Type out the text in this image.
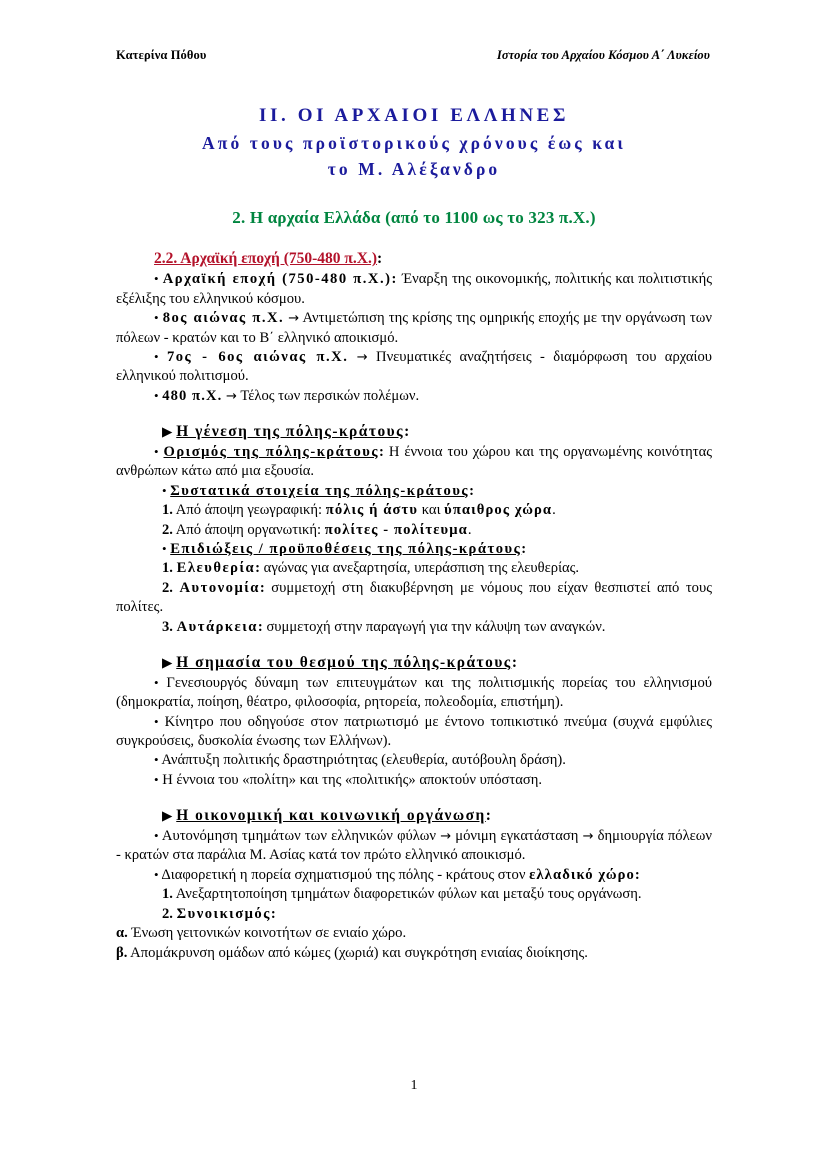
Κατερίνα Πόθου	Ιστορία του Αρχαίου Κόσμου Α΄ Λυκείου
II. ΟΙ ΑΡΧΑΙΟΙ ΕΛΛΗΝΕΣ
Από τους προϊστορικούς χρόνους έως και
το Μ. Αλέξανδρο
2. Η αρχαία Ελλάδα (από το 1100 ως το 323 π.Χ.)
2.2. Αρχαϊκή εποχή (750-480 π.Χ.):

• Αρχαϊκή εποχή (750-480 π.Χ.): Έναρξη της οικονομικής, πολιτικής και πολιτιστικής εξέλιξης του ελληνικού κόσμου.

• 8ος αιώνας π.Χ. → Αντιμετώπιση της κρίσης της ομηρικής εποχής με την οργάνωση των πόλεων - κρατών και το Β΄ ελληνικό αποικισμό.

• 7ος - 6ος αιώνας π.Χ. → Πνευματικές αναζητήσεις - διαμόρφωση του αρχαίου ελληνικού πολιτισμού.

• 480 π.Χ. → Τέλος των περσικών πολέμων.

▶ Η γένεση της πόλης-κράτους:

• Ορισμός της πόλης-κράτους: Η έννοια του χώρου και της οργανωμένης κοινότητας ανθρώπων κάτω από μια εξουσία.

• Συστατικά στοιχεία της πόλης-κράτους:

1. Από άποψη γεωγραφική: πόλις ή άστυ και ύπαιθρος χώρα.

2. Από άποψη οργανωτική: πολίτες - πολίτευμα.

• Επιδιώξεις / προϋποθέσεις της πόλης-κράτους:

1. Ελευθερία: αγώνας για ανεξαρτησία, υπεράσπιση της ελευθερίας.

2. Αυτονομία: συμμετοχή στη διακυβέρνηση με νόμους που είχαν θεσπιστεί από τους πολίτες.

3. Αυτάρκεια: συμμετοχή στην παραγωγή για την κάλυψη των αναγκών.

▶ Η σημασία του θεσμού της πόλης-κράτους:

• Γενεσιουργός δύναμη των επιτευγμάτων και της πολιτισμικής πορείας του ελληνισμού (δημοκρατία, ποίηση, θέατρο, φιλοσοφία, ρητορεία, πολεοδομία, επιστήμη).

• Κίνητρο που οδηγούσε στον πατριωτισμό με έντονο τοπικιστικό πνεύμα (συχνά εμφύλιες συγκρούσεις, δυσκολία ένωσης των Ελλήνων).

• Ανάπτυξη πολιτικής δραστηριότητας (ελευθερία, αυτόβουλη δράση).

• Η έννοια του «πολίτη» και της «πολιτικής» αποκτούν υπόσταση.

▶ Η οικονομική και κοινωνική οργάνωση:

• Αυτονόμηση τμημάτων των ελληνικών φύλων → μόνιμη εγκατάσταση → δημιουργία πόλεων - κρατών στα παράλια Μ. Ασίας κατά τον πρώτο ελληνικό αποικισμό.

• Διαφορετική η πορεία σχηματισμού της πόλης - κράτους στον ελλαδικό χώρο:

1. Ανεξαρτητοποίηση τμημάτων διαφορετικών φύλων και μεταξύ τους οργάνωση.

2. Συνοικισμός:

α. Ένωση γειτονικών κοινοτήτων σε ενιαίο χώρο.

β. Απομάκρυνση ομάδων από κώμες (χωριά) και συγκρότηση ενιαίας διοίκησης.

1
